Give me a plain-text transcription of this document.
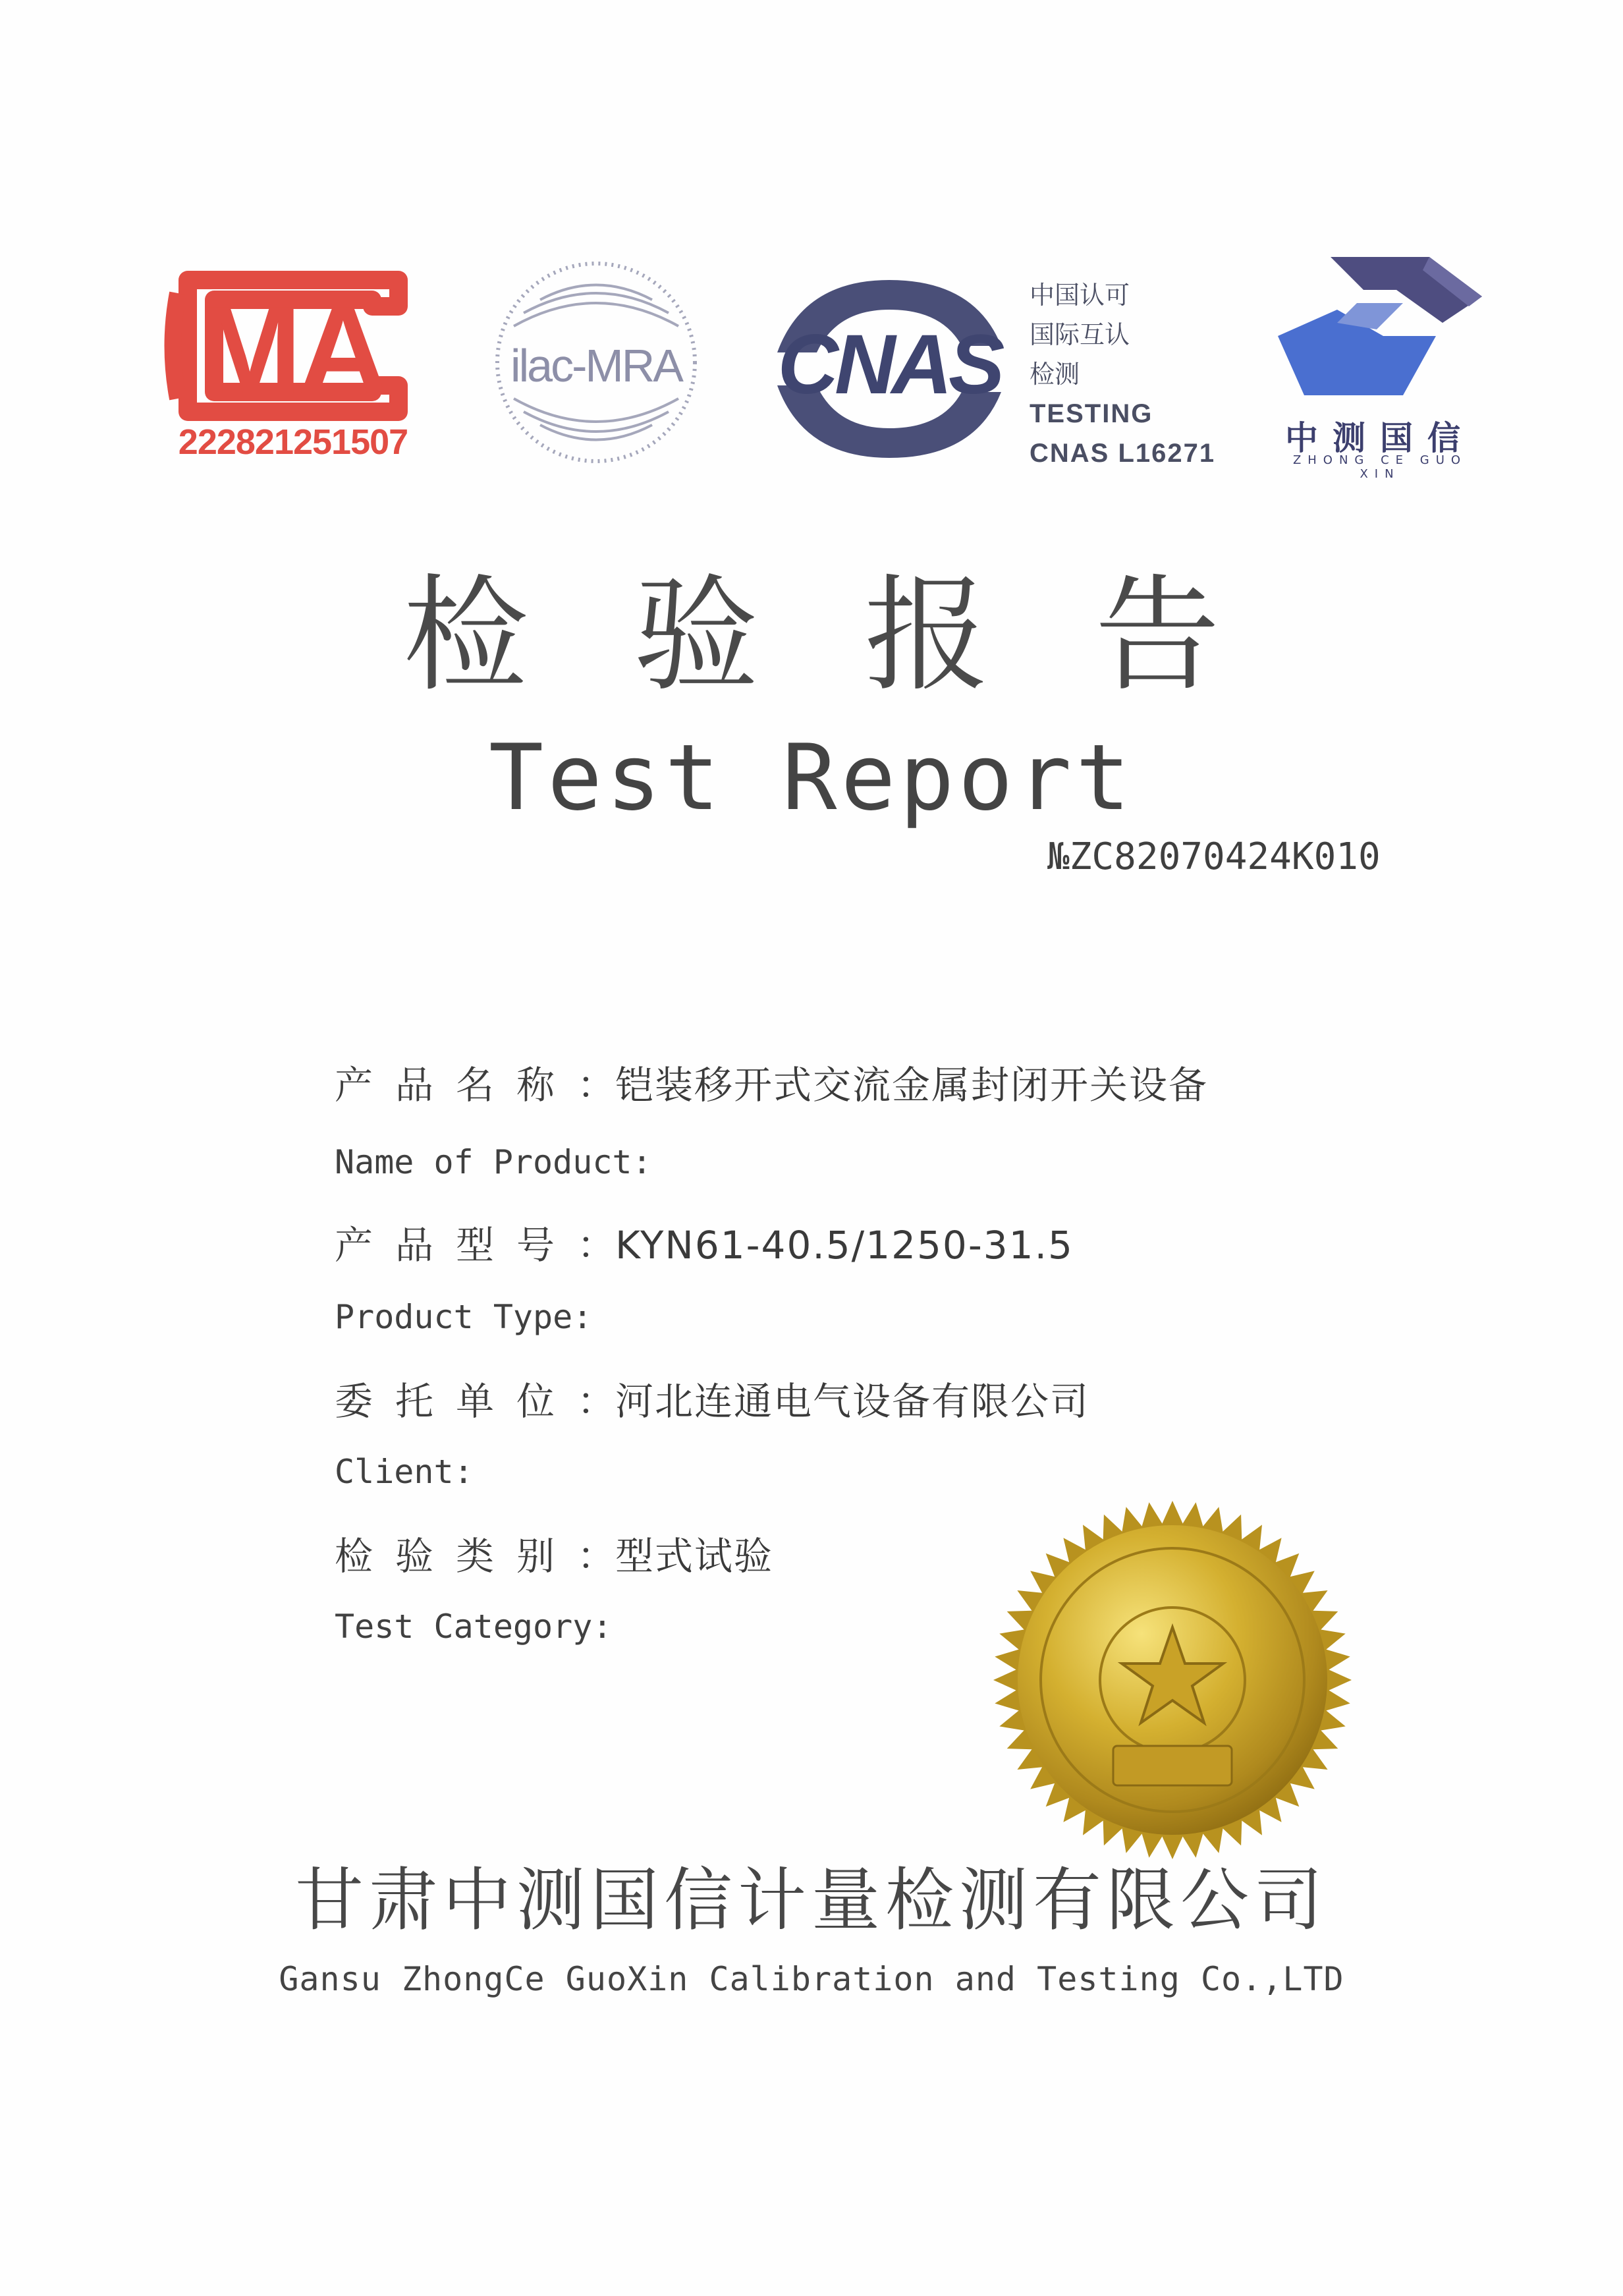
MA
222821251507
ilac-MRA CNAS
中国认可
国际互认
检测
TESTING
CNAS L16271	中测国信
ZHONG CE GUO XIN
检验报告
Test Report
№ZC82070424K010
产品名称：铠装移开式交流金属封闭开关设备
Name of Product:
产品型号：KYN61-40.5/1250-31.5
Product Type:
委托单位：河北连通电气设备有限公司
Client:
检验类别：型式试验
Test Category:
甘肃中测国信计量检测有限公司
Gansu ZhongCe GuoXin Calibration and Testing Co.,LTD
